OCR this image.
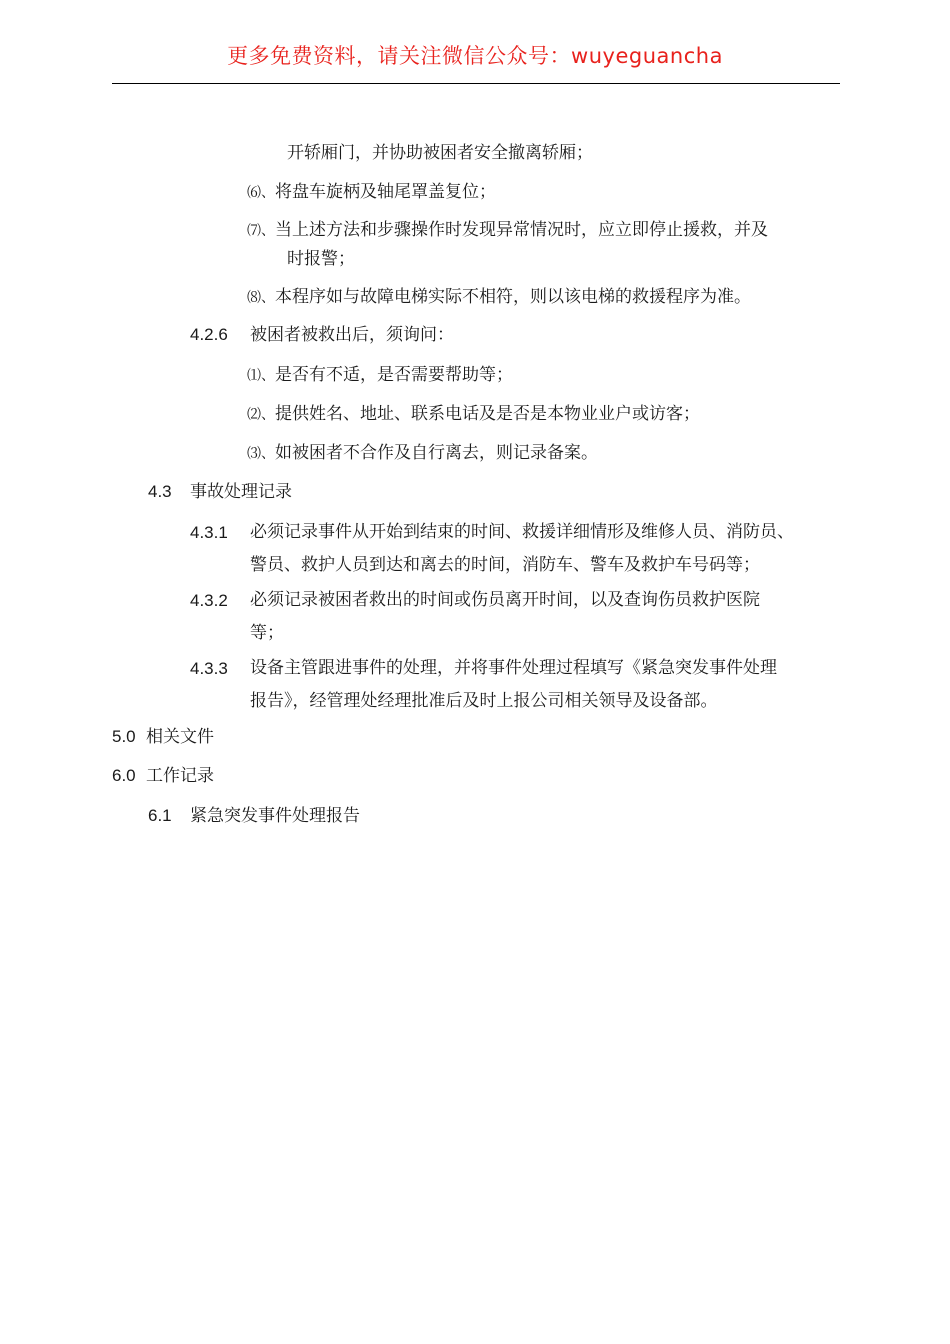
更多免费资料，请关注微信公众号：wuyeguancha
开轿厢门，并协助被困者安全撤离轿厢；
⑹、将盘车旋柄及轴尾罩盖复位；
⑺、当上述方法和步骤操作时发现异常情况时，应立即停止援救，并及
时报警；
⑻、本程序如与故障电梯实际不相符，则以该电梯的救援程序为准。
4.2.6 被困者被救出后，须询问：
⑴、是否有不适，是否需要帮助等；
⑵、提供姓名、地址、联系电话及是否是本物业业户或访客；
⑶、如被困者不合作及自行离去，则记录备案。
4.3 事故处理记录
4.3.1 必须记录事件从开始到结束的时间、救援详细情形及维修人员、消防员、
警员、救护人员到达和离去的时间，消防车、警车及救护车号码等；
4.3.2 必须记录被困者救出的时间或伤员离开时间，以及查询伤员救护医院
等；
4.3.3 设备主管跟进事件的处理，并将事件处理过程填写《紧急突发事件处理
报告》，经管理处经理批准后及时上报公司相关领导及设备部。
5.0 相关文件
6.0 工作记录
6.1 紧急突发事件处理报告
